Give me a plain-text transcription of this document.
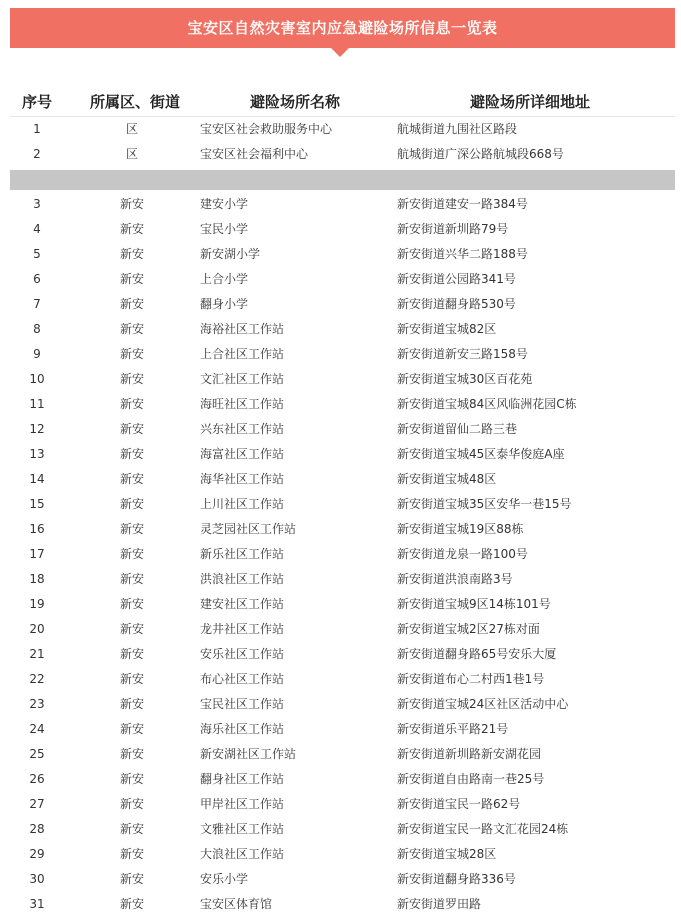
宝安区自然灾害室内应急避险场所信息一览表
序号	所属区、街道	避险场所名称	避险场所详细地址
1	区	宝安区社会救助服务中心	航城街道九围社区路段
2	区	宝安区社会福利中心	航城街道广深公路航城段668号
3	新安	建安小学	新安街道建安一路384号
4	新安	宝民小学	新安街道新圳路79号
5	新安	新安湖小学	新安街道兴华二路188号
6	新安	上合小学	新安街道公园路341号
7	新安	翻身小学	新安街道翻身路530号
8	新安	海裕社区工作站	新安街道宝城82区
9	新安	上合社区工作站	新安街道新安三路158号
10	新安	文汇社区工作站	新安街道宝城30区百花苑
11	新安	海旺社区工作站	新安街道宝城84区风临洲花园C栋
12	新安	兴东社区工作站	新安街道留仙二路三巷
13	新安	海富社区工作站	新安街道宝城45区泰华俊庭A座
14	新安	海华社区工作站	新安街道宝城48区
15	新安	上川社区工作站	新安街道宝城35区安华一巷15号
16	新安	灵芝园社区工作站	新安街道宝城19区88栋
17	新安	新乐社区工作站	新安街道龙泉一路100号
18	新安	洪浪社区工作站	新安街道洪浪南路3号
19	新安	建安社区工作站	新安街道宝城9区14栋101号
20	新安	龙井社区工作站	新安街道宝城2区27栋对面
21	新安	安乐社区工作站	新安街道翻身路65号安乐大厦
22	新安	布心社区工作站	新安街道布心二村西1巷1号
23	新安	宝民社区工作站	新安街道宝城24区社区活动中心
24	新安	海乐社区工作站	新安街道乐平路21号
25	新安	新安湖社区工作站	新安街道新圳路新安湖花园
26	新安	翻身社区工作站	新安街道自由路南一巷25号
27	新安	甲岸社区工作站	新安街道宝民一路62号
28	新安	文雅社区工作站	新安街道宝民一路文汇花园24栋
29	新安	大浪社区工作站	新安街道宝城28区
30	新安	安乐小学	新安街道翻身路336号
31	新安	宝安区体育馆	新安街道罗田路
